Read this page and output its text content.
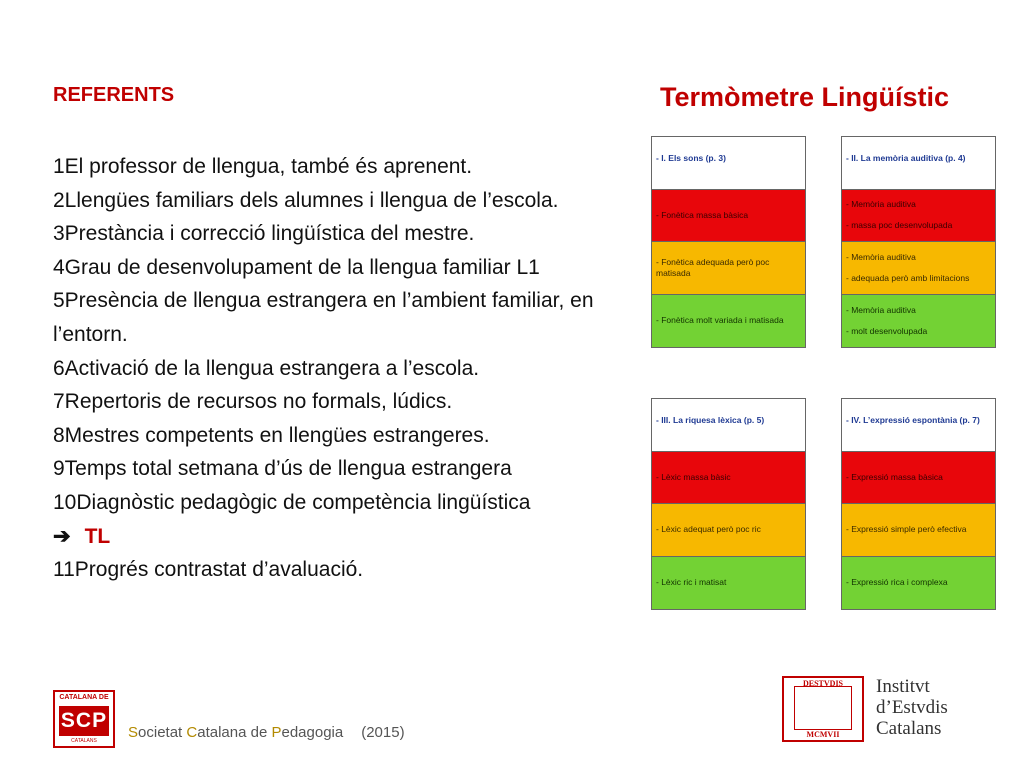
REFERENTS	Termòmetre Lingüístic
1El professor de llengua, també és aprenent.
2Llengües familiars dels alumnes i llengua de l’escola.
3Prestància i correcció lingüística del mestre.
4Grau de desenvolupament de la llengua familiar L1
5Presència de llengua estrangera en l’ambient familiar, en l’entorn.
6Activació de la llengua estrangera a l’escola.
7Repertoris de recursos no formals, lúdics.
8Mestres competents en llengües estrangeres.
9Temps total setmana d’ús de llengua estrangera
10Diagnòstic pedagògic de competència lingüística
➔ TL
11Progrés contrastat d’avaluació.
- I. Els sons (p. 3)
- Fonètica massa bàsica
- Fonètica adequada però poc matisada
- Fonètica molt variada i matisada
- II. La memòria auditiva (p. 4)
- Memòria auditiva
- massa poc desenvolupada
- Memòria auditiva
- adequada però amb limitacions
- Memòria auditiva
- molt desenvolupada
- III. La riquesa lèxica (p. 5)
- Lèxic massa bàsic
- Lèxic adequat però poc ric
- Lèxic ric i matisat
- IV. L’expressió espontània (p. 7)
- Expressió massa bàsica
- Expressió simple però efectiva
- Expressió rica i complexa
CATALANA DE
SCP
INSTITUT D'ESTUDIS CATALANS	Societat Catalana de Pedagogia (2015)
DESTVDIS
MCMVII
Institvt
d’Estvdis
Catalans
